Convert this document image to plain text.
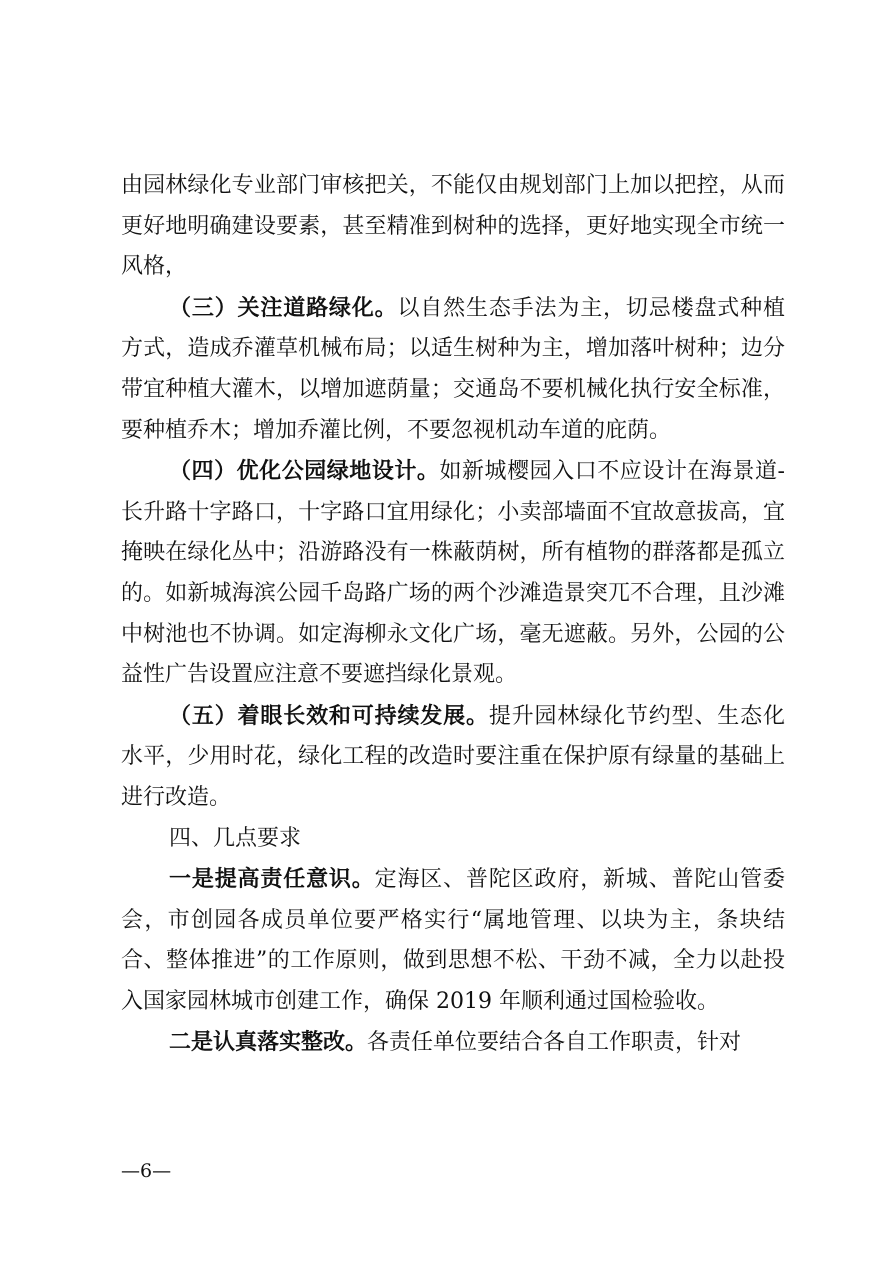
由园林绿化专业部门审核把关，不能仅由规划部门上加以把控，从而更好地明确建设要素，甚至精准到树种的选择，更好地实现全市统一风格，

（三）关注道路绿化。以自然生态手法为主，切忌楼盘式种植方式，造成乔灌草机械布局；以适生树种为主，增加落叶树种；边分带宜种植大灌木，以增加遮荫量；交通岛不要机械化执行安全标准，要种植乔木；增加乔灌比例，不要忽视机动车道的庇荫。

（四）优化公园绿地设计。如新城樱园入口不应设计在海景道-长升路十字路口，十字路口宜用绿化；小卖部墙面不宜故意拔高，宜掩映在绿化丛中；沿游路没有一株蔽荫树，所有植物的群落都是孤立的。如新城海滨公园千岛路广场的两个沙滩造景突兀不合理，且沙滩中树池也不协调。如定海柳永文化广场，毫无遮蔽。另外，公园的公益性广告设置应注意不要遮挡绿化景观。

（五）着眼长效和可持续发展。提升园林绿化节约型、生态化水平，少用时花，绿化工程的改造时要注重在保护原有绿量的基础上进行改造。

四、几点要求

一是提高责任意识。定海区、普陀区政府，新城、普陀山管委会，市创园各成员单位要严格实行“属地管理、以块为主，条块结合、整体推进”的工作原则，做到思想不松、干劲不减，全力以赴投入国家园林城市创建工作，确保 2019 年顺利通过国检验收。

二是认真落实整改。各责任单位要结合各自工作职责，针对

—6—
